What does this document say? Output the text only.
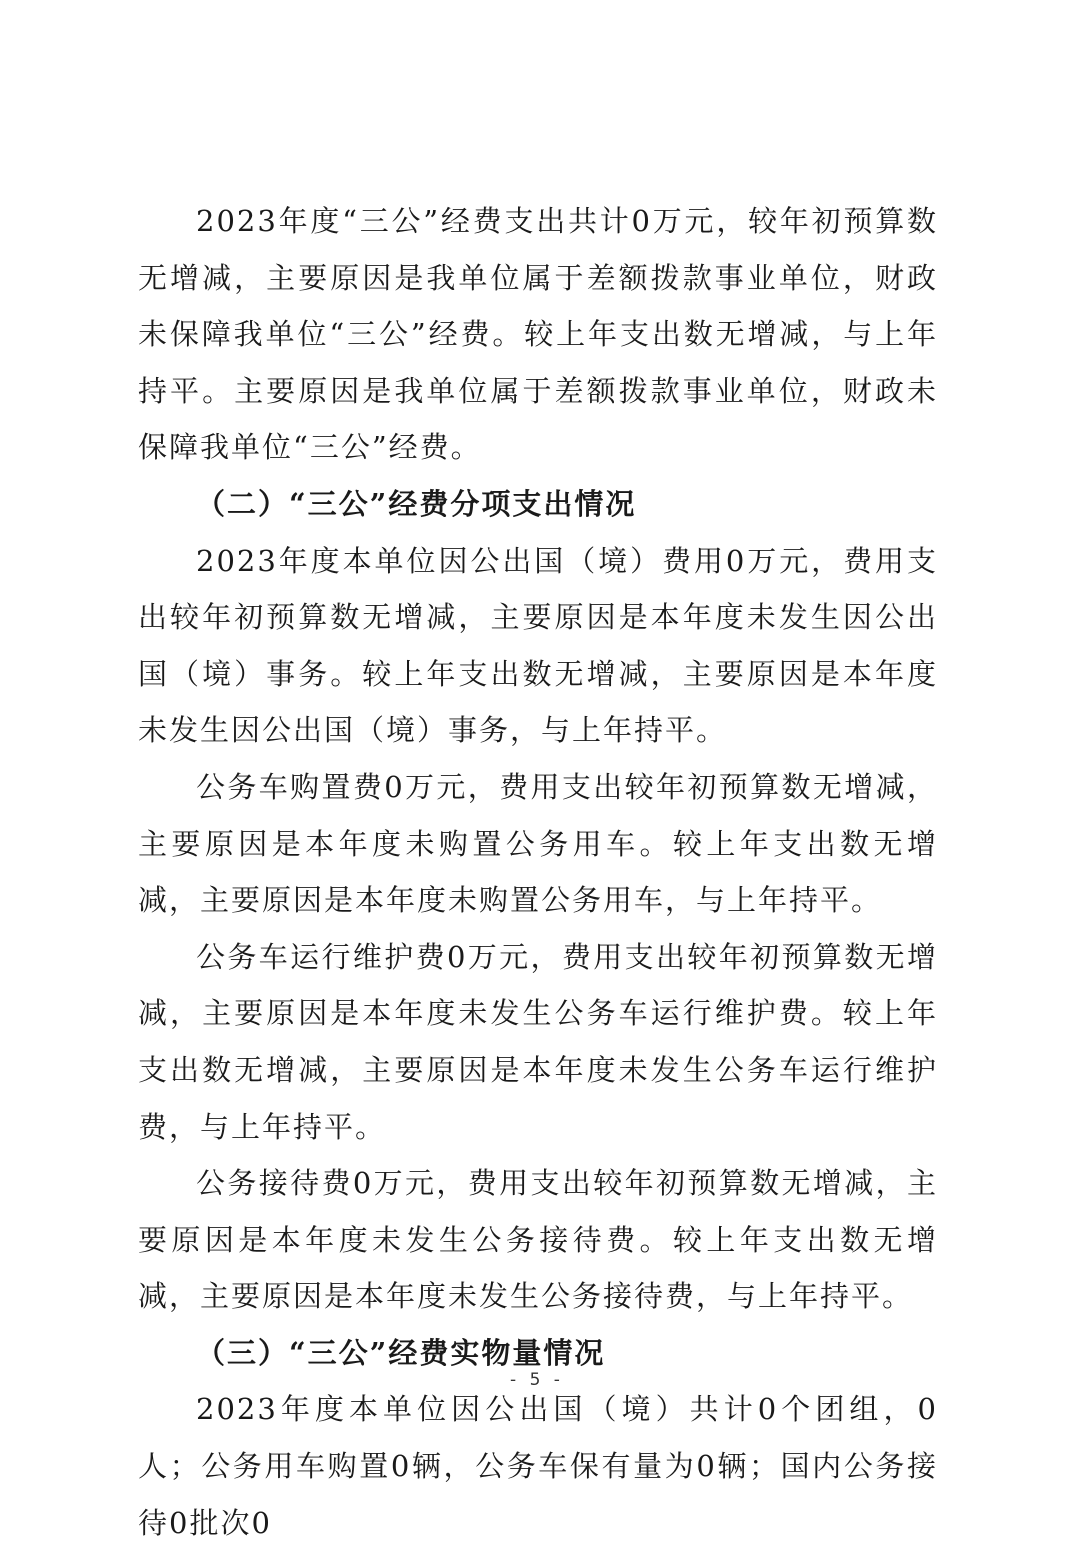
2023年度“三公”经费支出共计0万元，较年初预算数无增减，主要原因是我单位属于差额拨款事业单位，财政未保障我单位“三公”经费。较上年支出数无增减，与上年持平。主要原因是我单位属于差额拨款事业单位，财政未保障我单位“三公”经费。

（二）“三公”经费分项支出情况

2023年度本单位因公出国（境）费用0万元，费用支出较年初预算数无增减，主要原因是本年度未发生因公出国（境）事务。较上年支出数无增减，主要原因是本年度未发生因公出国（境）事务，与上年持平。

公务车购置费0万元，费用支出较年初预算数无增减，主要原因是本年度未购置公务用车。较上年支出数无增减，主要原因是本年度未购置公务用车，与上年持平。

公务车运行维护费0万元，费用支出较年初预算数无增减，主要原因是本年度未发生公务车运行维护费。较上年支出数无增减，主要原因是本年度未发生公务车运行维护费，与上年持平。

公务接待费0万元，费用支出较年初预算数无增减，主要原因是本年度未发生公务接待费。较上年支出数无增减，主要原因是本年度未发生公务接待费，与上年持平。

（三）“三公”经费实物量情况

2023年度本单位因公出国（境）共计0个团组，0人；公务用车购置0辆，公务车保有量为0辆；国内公务接待0批次0

- 5 -
